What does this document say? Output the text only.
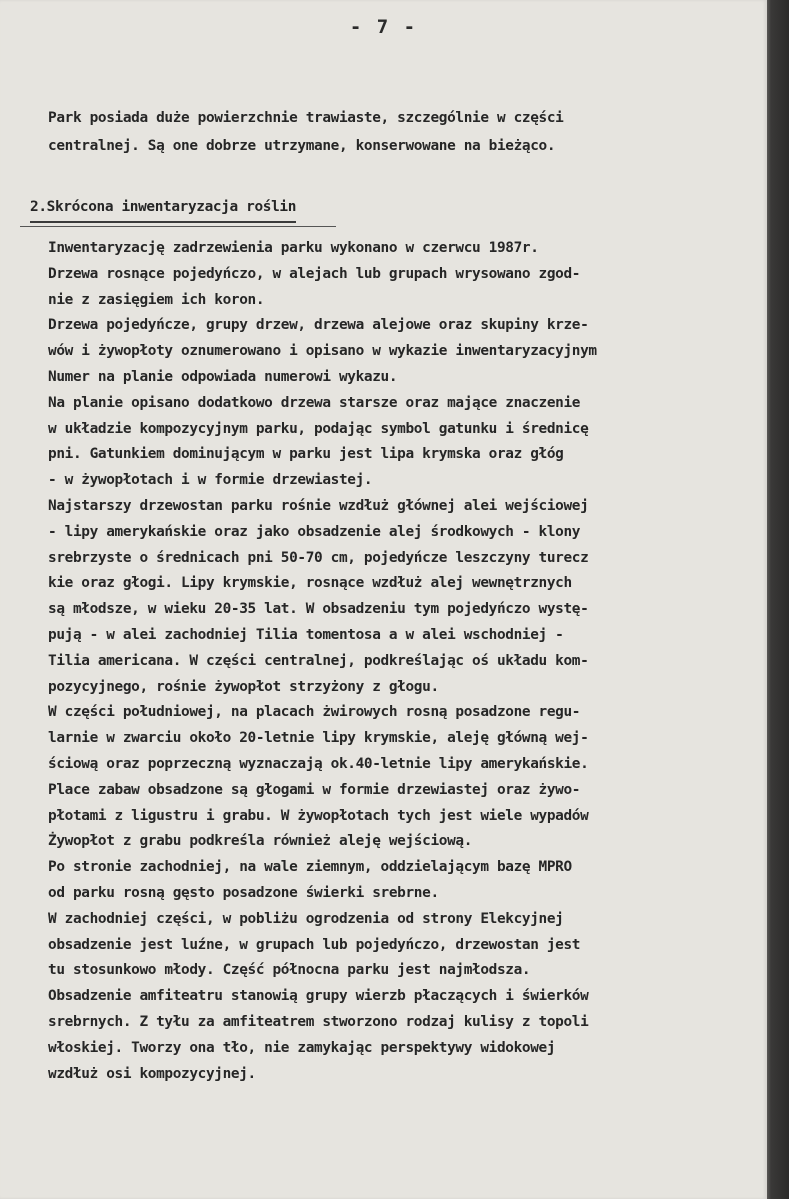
- 7 -
Park posiada duże powierzchnie trawiaste, szczególnie w części
centralnej. Są one dobrze utrzymane, konserwowane na bieżąco.
2.Skrócona inwentaryzacja roślin
Inwentaryzację zadrzewienia parku wykonano w czerwcu 1987r.
Drzewa rosnące pojedyńczo, w alejach lub grupach wrysowano zgod-
nie z zasięgiem ich koron.
Drzewa pojedyńcze, grupy drzew, drzewa alejowe oraz skupiny krze-
wów i żywopłoty oznumerowano i opisano w wykazie inwentaryzacyjnym
Numer na planie odpowiada numerowi wykazu.
Na planie opisano dodatkowo drzewa starsze oraz mające znaczenie
w układzie kompozycyjnym parku, podając symbol gatunku i średnicę
pni. Gatunkiem dominującym w parku jest lipa krymska oraz głóg
- w żywopłotach i w formie drzewiastej.
Najstarszy drzewostan parku rośnie wzdłuż głównej alei wejściowej
- lipy amerykańskie oraz jako obsadzenie alej środkowych - klony
srebrzyste o średnicach pni 50-70 cm, pojedyńcze leszczyny turecz
kie oraz głogi. Lipy krymskie, rosnące wzdłuż alej wewnętrznych
są młodsze, w wieku 20-35 lat. W obsadzeniu tym pojedyńczo wystę-
pują - w alei zachodniej Tilia tomentosa a w alei wschodniej -
Tilia americana. W części centralnej, podkreślając oś układu kom-
pozycyjnego, rośnie żywopłot strzyżony z głogu.
W części południowej, na placach żwirowych rosną posadzone regu-
larnie w zwarciu około 20-letnie lipy krymskie, aleję główną wej-
ściową oraz poprzeczną wyznaczają ok.40-letnie lipy amerykańskie.
Place zabaw obsadzone są głogami w formie drzewiastej oraz żywo-
płotami z ligustru i grabu. W żywopłotach tych jest wiele wypadów
Żywopłot z grabu podkreśla również aleję wejściową.
Po stronie zachodniej, na wale ziemnym, oddzielającym bazę MPRO
od parku rosną gęsto posadzone świerki srebrne.
W zachodniej części, w pobliżu ogrodzenia od strony Elekcyjnej
obsadzenie jest luźne, w grupach lub pojedyńczo, drzewostan jest
tu stosunkowo młody. Część północna parku jest najmłodsza.
Obsadzenie amfiteatru stanowią grupy wierzb płaczących i świerków
srebrnych. Z tyłu za amfiteatrem stworzono rodzaj kulisy z topoli
włoskiej. Tworzy ona tło, nie zamykając perspektywy widokowej
wzdłuż osi kompozycyjnej.
